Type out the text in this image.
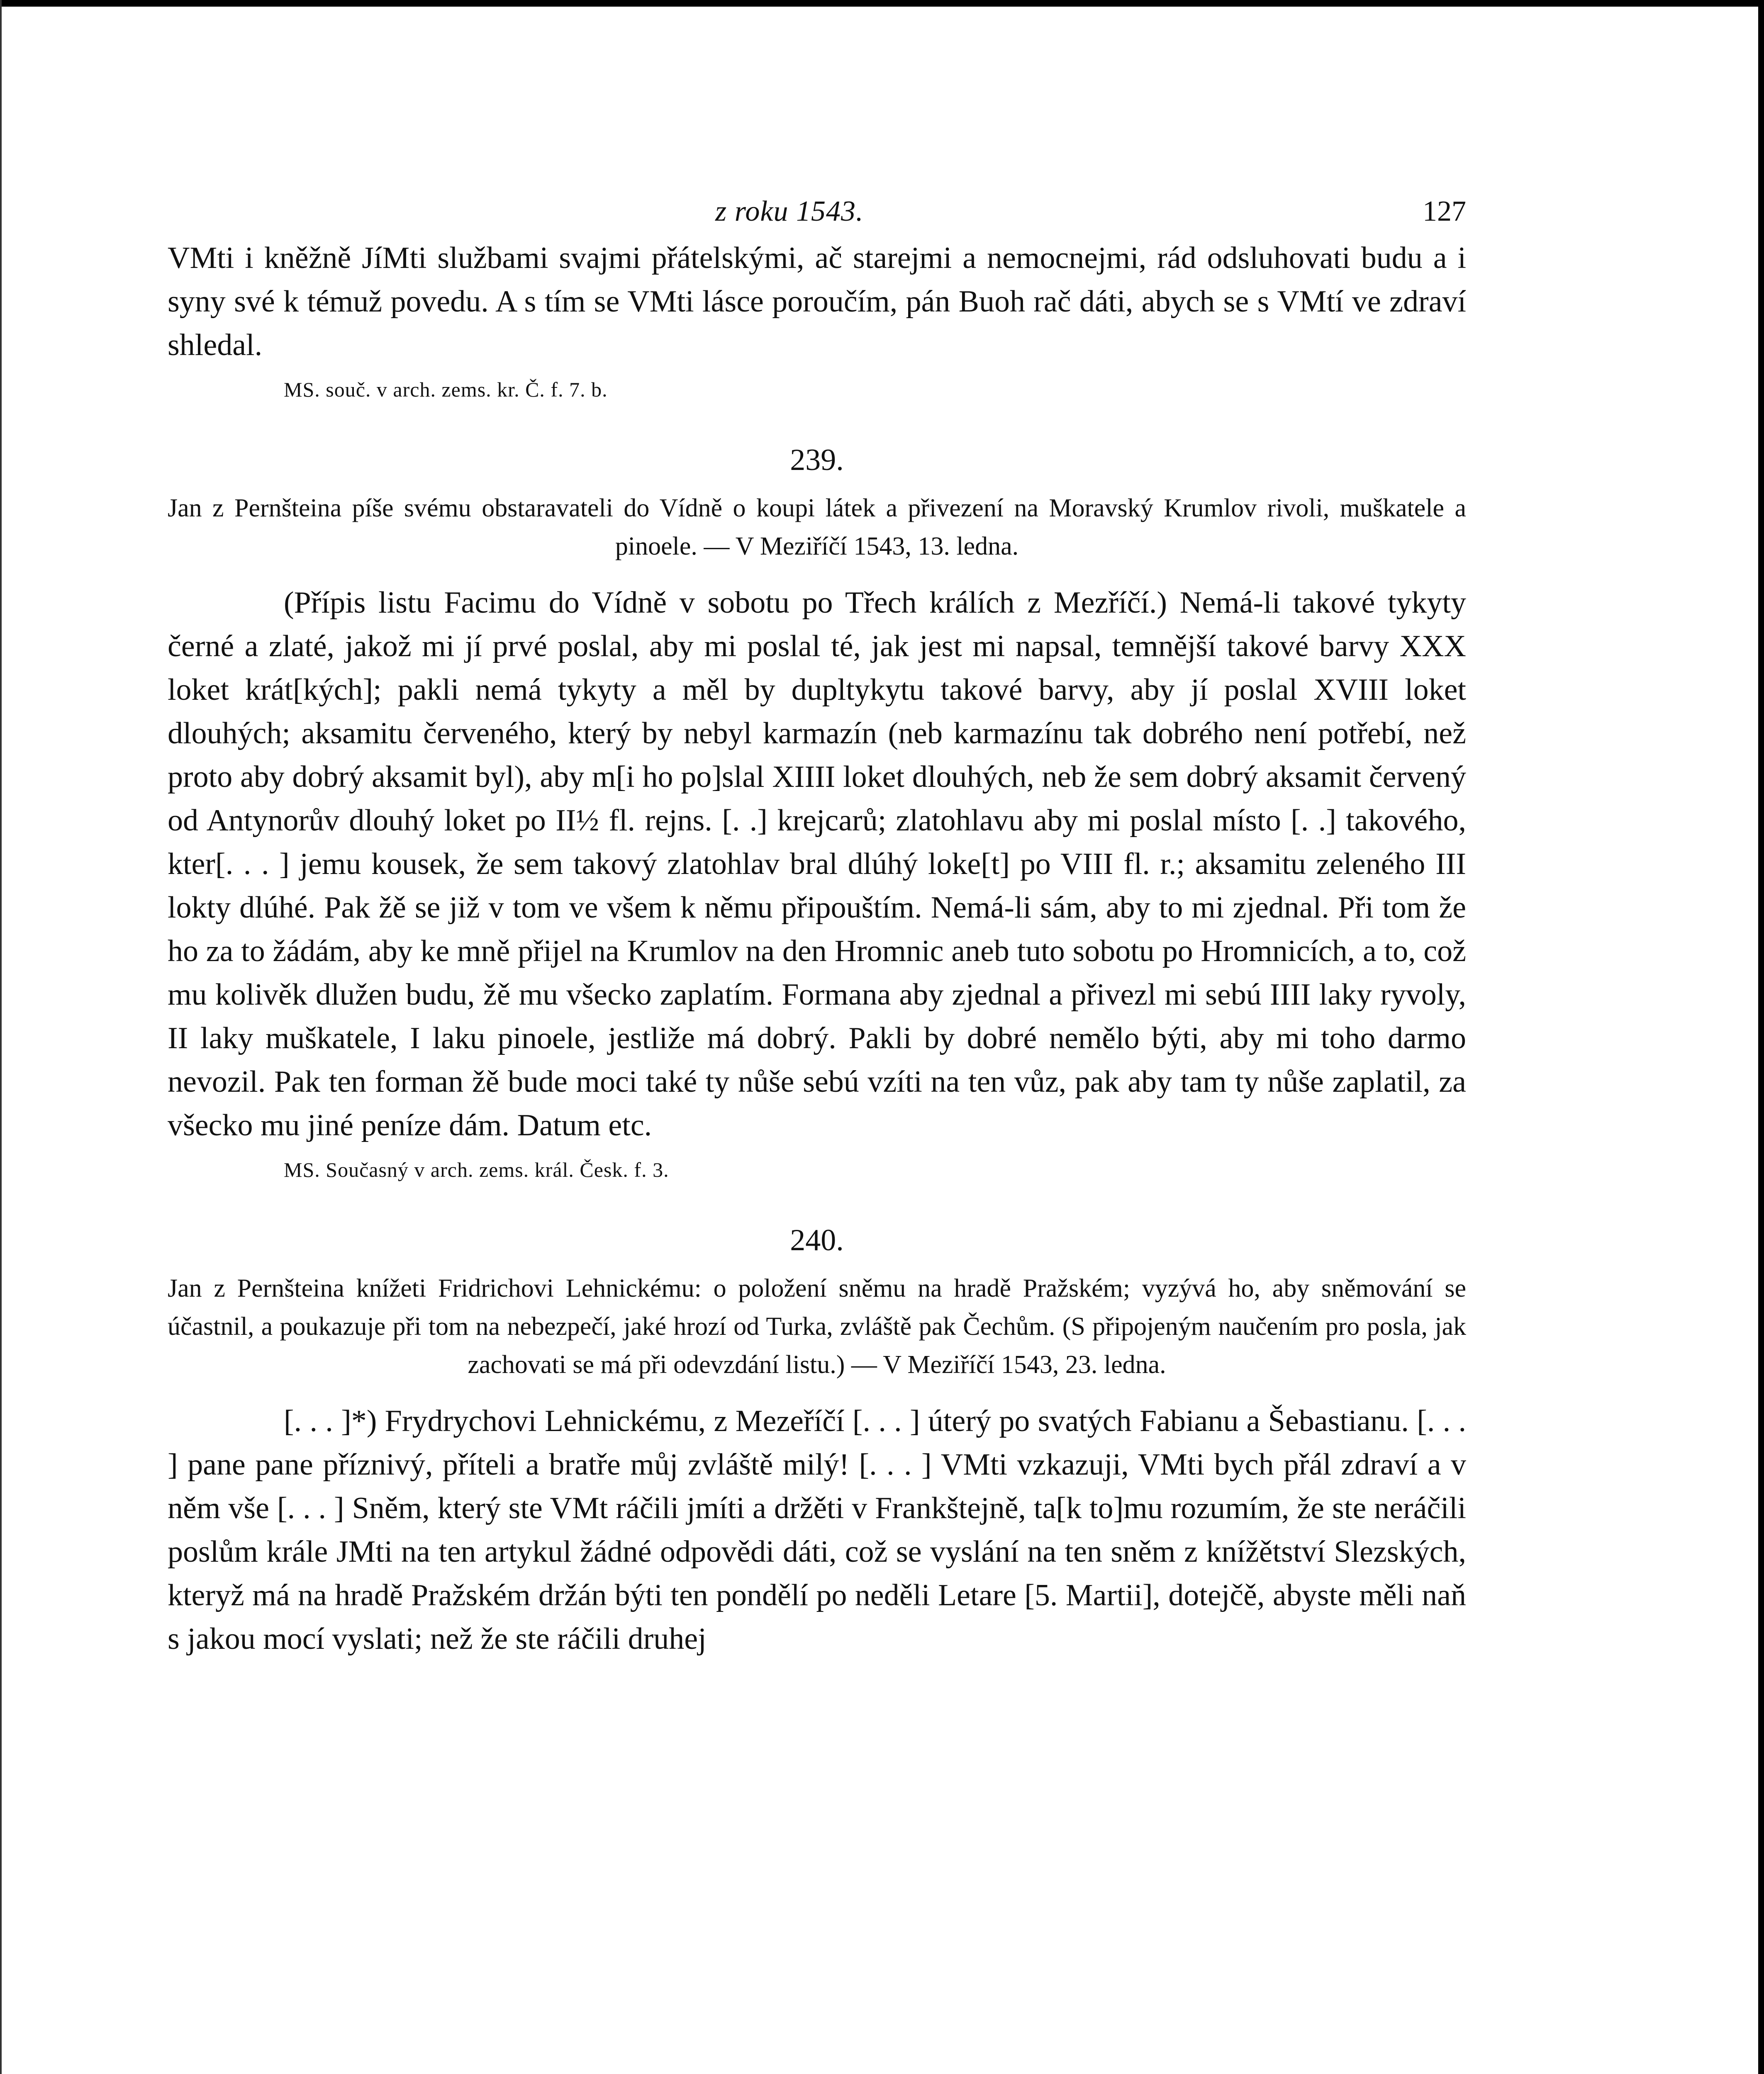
z roku 1543.	127

VMti i kněžně JíMti službami svajmi přátelskými, ač starejmi a nemocnejmi, rád odsluhovati budu a i syny své k témuž povedu. A s tím se VMti lásce poroučím, pán Buoh rač dáti, abych se s VMtí ve zdraví shledal.

MS. souč. v arch. zems. kr. Č. f. 7. b.

239.

Jan z Pernšteina píše svému obstaravateli do Vídně o koupi látek a přivezení na Moravský Krumlov rivoli, muškatele a pinoele. — V Meziříčí 1543, 13. ledna.

(Přípis listu Facimu do Vídně v sobotu po Třech králích z Mezříčí.) Nemá-li takové tykyty černé a zlaté, jakož mi jí prvé poslal, aby mi poslal té, jak jest mi napsal, temnější takové barvy XXX loket krát[kých]; pakli nemá tykyty a měl by dupltykytu takové barvy, aby jí poslal XVIII loket dlouhých; aksamitu červeného, který by nebyl karmazín (neb karmazínu tak dobrého není potřebí, než proto aby dobrý aksamit byl), aby m[i ho po]slal XIIII loket dlouhých, neb že sem dobrý aksamit červený od Antynorův dlouhý loket po II½ fl. rejns. [. .] krejcarů; zlatohlavu aby mi poslal místo [. .] takového, kter[. . . ] jemu kousek, že sem takový zlatohlav bral dlúhý loke[t] po VIII fl. r.; aksamitu zeleného III lokty dlúhé. Pak žě se již v tom ve všem k němu připouštím. Nemá-li sám, aby to mi zjednal. Při tom že ho za to žádám, aby ke mně přijel na Krumlov na den Hromnic aneb tuto sobotu po Hromnicích, a to, což mu kolivěk dlužen budu, žě mu všecko zaplatím. Formana aby zjednal a přivezl mi sebú IIII laky ryvoly, II laky muškatele, I laku pinoele, jestliže má dobrý. Pakli by dobré nemělo býti, aby mi toho darmo nevozil. Pak ten forman žě bude moci také ty nůše sebú vzíti na ten vůz, pak aby tam ty nůše zaplatil, za všecko mu jiné peníze dám. Datum etc.

MS. Současný v arch. zems. král. Česk. f. 3.

240.

Jan z Pernšteina knížeti Fridrichovi Lehnickému: o položení sněmu na hradě Pražském; vyzývá ho, aby sněmování se účastnil, a poukazuje při tom na nebezpečí, jaké hrozí od Turka, zvláště pak Čechům. (S připojeným naučením pro posla, jak zachovati se má při odevzdání listu.) — V Meziříčí 1543, 23. ledna.

[. . . ]*) Frydrychovi Lehnickému, z Mezeříčí [. . . ] úterý po svatých Fabianu a Šebastianu. [. . . ] pane pane příznivý, příteli a bratře můj zvláště milý! [. . . ] VMti vzkazuji, VMti bych přál zdraví a v něm vše [. . . ] Sněm, který ste VMt ráčili jmíti a držěti v Frankštejně, ta[k to]mu rozumím, že ste neráčili poslům krále JMti na ten artykul žádné odpovědi dáti, což se vyslání na ten sněm z knížětství Slezských, kteryž má na hradě Pražském držán býti ten pondělí po neděli Letare [5. Martii], dotejčě, abyste měli naň s jakou mocí vyslati; než že ste ráčili druhej
